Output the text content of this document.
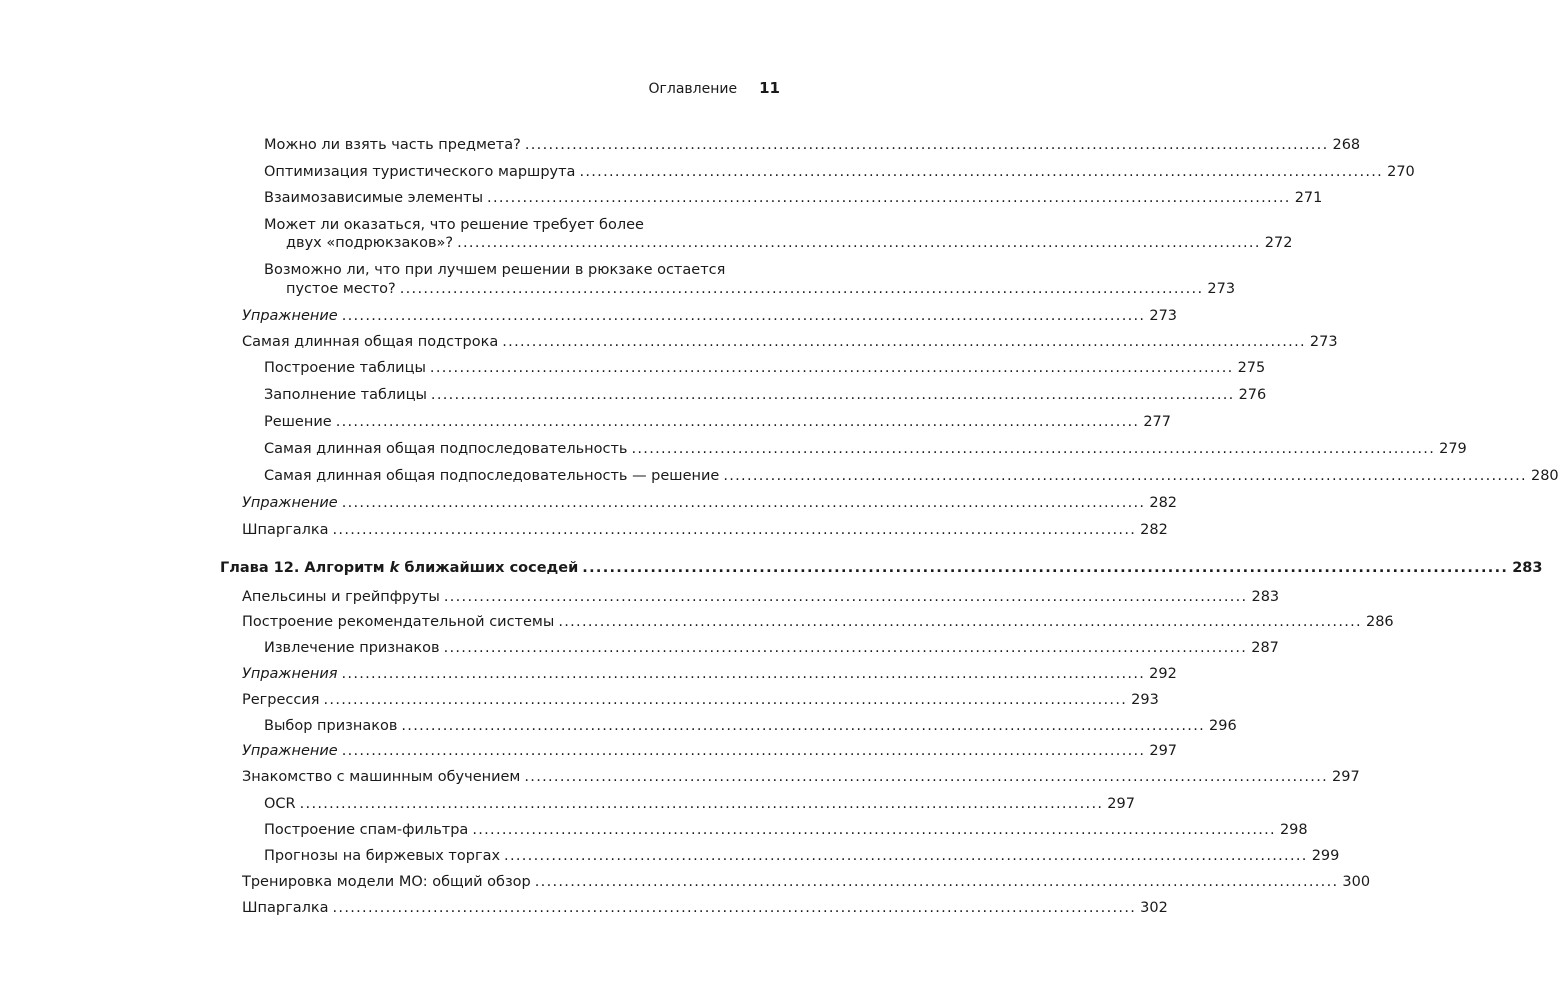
Оглавление 11
Можно ли взять часть предмета? ........................................................................................................................................ 268
Оптимизация туристического маршрута ........................................................................................................................................ 270
Взаимозависимые элементы ........................................................................................................................................ 271
Может ли оказаться, что решение требует более
двух «подрюкзаков»? ........................................................................................................................................ 272
Возможно ли, что при лучшем решении в рюкзаке остается
пустое место? ........................................................................................................................................ 273
Упражнение ........................................................................................................................................ 273
Самая длинная общая подстрока ........................................................................................................................................ 273
Построение таблицы ........................................................................................................................................ 275
Заполнение таблицы ........................................................................................................................................ 276
Решение ........................................................................................................................................ 277
Самая длинная общая подпоследовательность ........................................................................................................................................ 279
Самая длинная общая подпоследовательность — решение ........................................................................................................................................ 280
Упражнение ........................................................................................................................................ 282
Шпаргалка ........................................................................................................................................ 282
Глава 12. Алгоритм k ближайших соседей ........................................................................................................................................ 283
Апельсины и грейпфруты ........................................................................................................................................ 283
Построение рекомендательной системы ........................................................................................................................................ 286
Извлечение признаков ........................................................................................................................................ 287
Упражнения ........................................................................................................................................ 292
Регрессия ........................................................................................................................................ 293
Выбор признаков ........................................................................................................................................ 296
Упражнение ........................................................................................................................................ 297
Знакомство с машинным обучением ........................................................................................................................................ 297
OCR ........................................................................................................................................ 297
Построение спам-фильтра ........................................................................................................................................ 298
Прогнозы на биржевых торгах ........................................................................................................................................ 299
Тренировка модели МО: общий обзор ........................................................................................................................................ 300
Шпаргалка ........................................................................................................................................ 302
